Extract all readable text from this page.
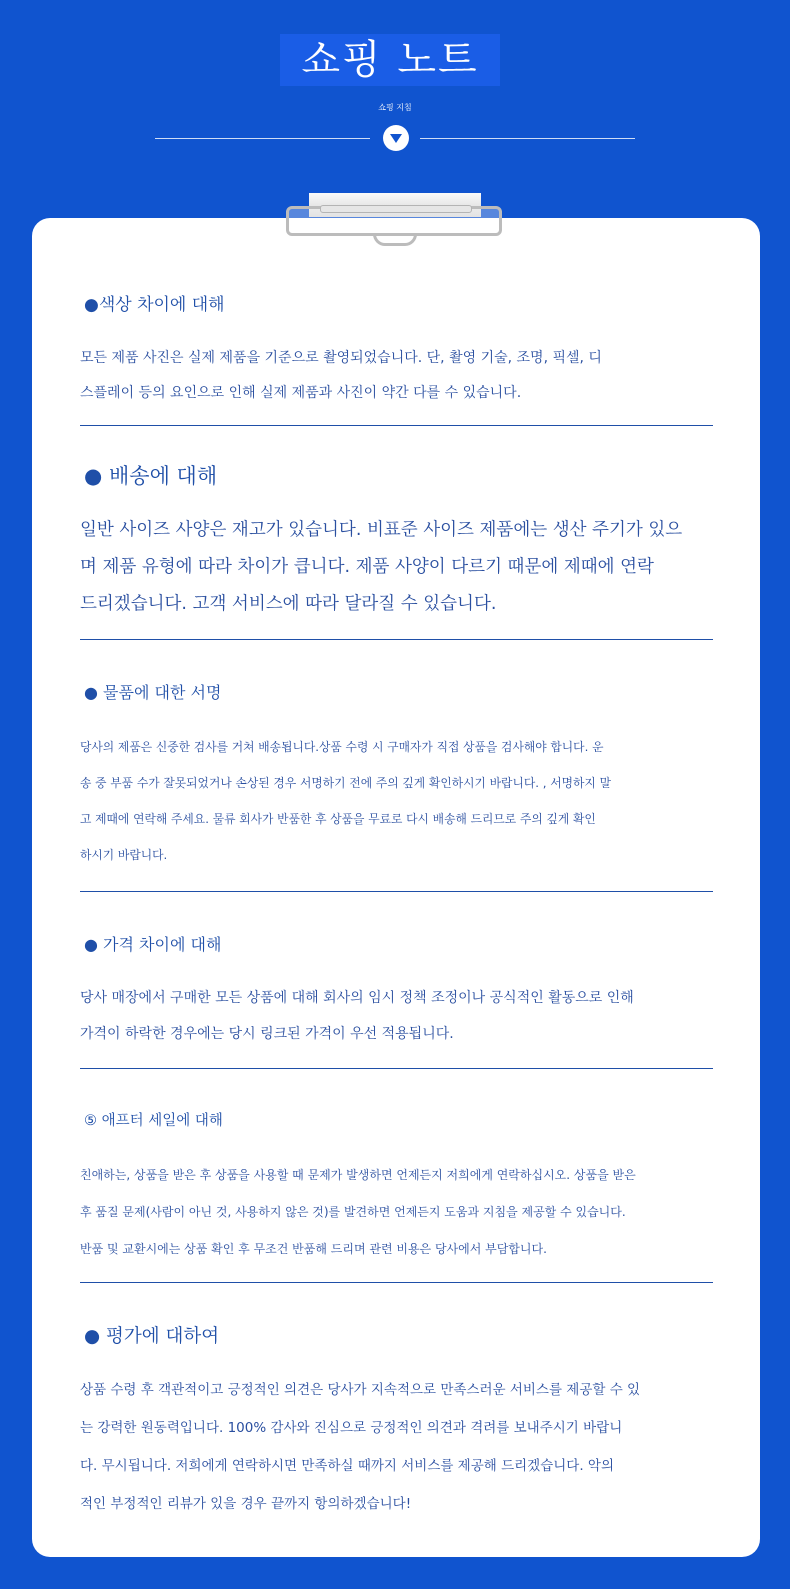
쇼핑 노트
쇼핑 지침
●색상 차이에 대해

모든 제품 사진은 실제 제품을 기준으로 촬영되었습니다. 단, 촬영 기술, 조명, 픽셀, 디

스플레이 등의 요인으로 인해 실제 제품과 사진이 약간 다를 수 있습니다.

● 배송에 대해

일반 사이즈 사양은 재고가 있습니다. 비표준 사이즈 제품에는 생산 주기가 있으

며 제품 유형에 따라 차이가 큽니다. 제품 사양이 다르기 때문에 제때에 연락

드리겠습니다. 고객 서비스에 따라 달라질 수 있습니다.

● 물품에 대한 서명

당사의 제품은 신중한 검사를 거쳐 배송됩니다.상품 수령 시 구매자가 직접 상품을 검사해야 합니다. 운

송 중 부품 수가 잘못되었거나 손상된 경우 서명하기 전에 주의 깊게 확인하시기 바랍니다. , 서명하지 말

고 제때에 연락해 주세요. 물류 회사가 반품한 후 상품을 무료로 다시 배송해 드리므로 주의 깊게 확인

하시기 바랍니다.

● 가격 차이에 대해

당사 매장에서 구매한 모든 상품에 대해 회사의 임시 정책 조정이나 공식적인 활동으로 인해

가격이 하락한 경우에는 당시 링크된 가격이 우선 적용됩니다.

⑤ 애프터 세일에 대해

친애하는, 상품을 받은 후 상품을 사용할 때 문제가 발생하면 언제든지 저희에게 연락하십시오. 상품을 받은

후 품질 문제(사람이 아닌 것, 사용하지 않은 것)를 발견하면 언제든지 도움과 지침을 제공할 수 있습니다.

반품 및 교환시에는 상품 확인 후 무조건 반품해 드리며 관련 비용은 당사에서 부담합니다.

● 평가에 대하여

상품 수령 후 객관적이고 긍정적인 의견은 당사가 지속적으로 만족스러운 서비스를 제공할 수 있

는 강력한 원동력입니다. 100% 감사와 진심으로 긍정적인 의견과 격려를 보내주시기 바랍니

다. 무시됩니다. 저희에게 연락하시면 만족하실 때까지 서비스를 제공해 드리겠습니다. 악의

적인 부정적인 리뷰가 있을 경우 끝까지 항의하겠습니다!
